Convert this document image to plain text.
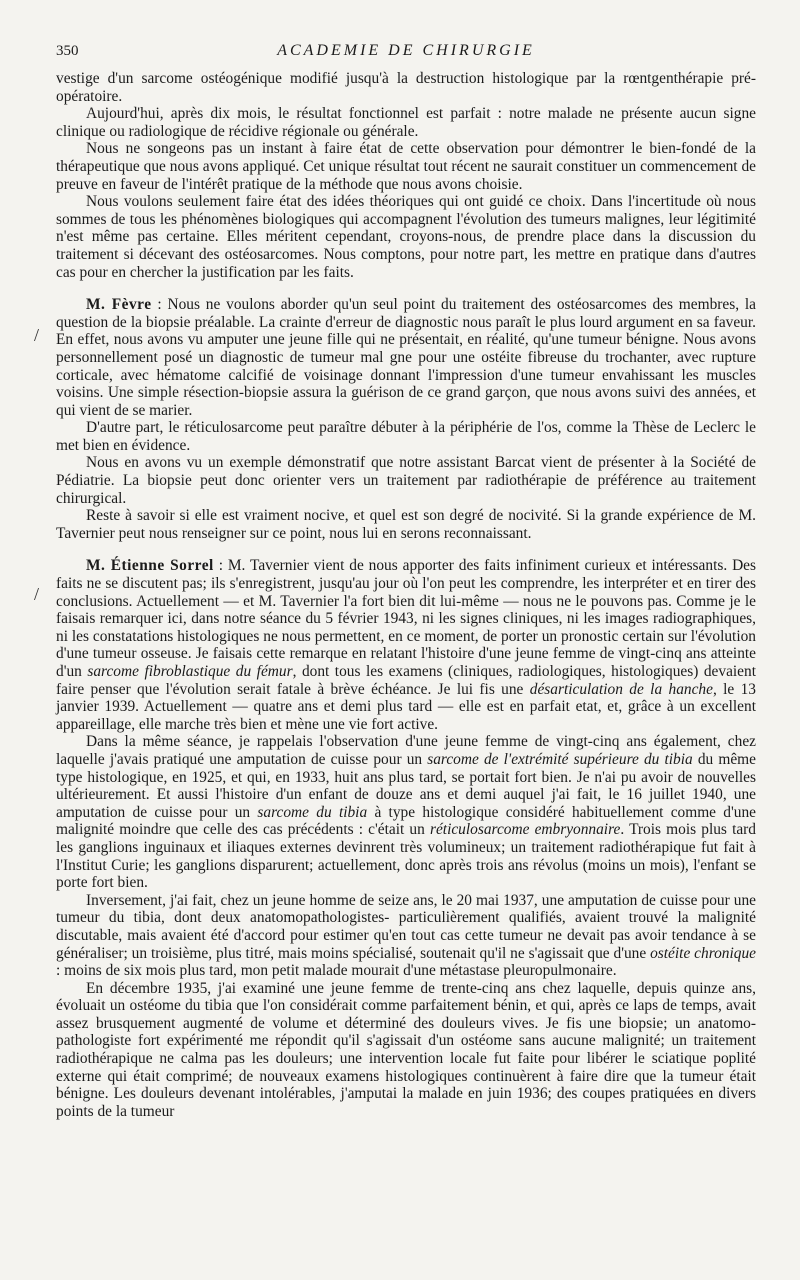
350	ACADEMIE DE CHIRURGIE
/
/

vestige d'un sarcome ostéogénique modifié jusqu'à la destruction histologique par la rœntgenthérapie pré-opératoire.

Aujourd'hui, après dix mois, le résultat fonctionnel est parfait : notre malade ne présente aucun signe clinique ou radiologique de récidive régionale ou générale.

Nous ne songeons pas un instant à faire état de cette observation pour démontrer le bien-fondé de la thérapeutique que nous avons appliqué. Cet unique résultat tout récent ne saurait constituer un commencement de preuve en faveur de l'intérêt pratique de la méthode que nous avons choisie.

Nous voulons seulement faire état des idées théoriques qui ont guidé ce choix. Dans l'incertitude où nous sommes de tous les phénomènes biologiques qui accompagnent l'évolution des tumeurs malignes, leur légitimité n'est même pas certaine. Elles méritent cependant, croyons-nous, de prendre place dans la discussion du traitement si décevant des ostéosarcomes. Nous comptons, pour notre part, les mettre en pratique dans d'autres cas pour en chercher la justification par les faits.

M. Fèvre : Nous ne voulons aborder qu'un seul point du traitement des ostéosarcomes des membres, la question de la biopsie préalable. La crainte d'erreur de diagnostic nous paraît le plus lourd argument en sa faveur. En effet, nous avons vu amputer une jeune fille qui ne présentait, en réalité, qu'une tumeur bénigne. Nous avons personnellement posé un diagnostic de tumeur mal gne pour une ostéite fibreuse du trochanter, avec rupture corticale, avec hématome calcifié de voisinage donnant l'impression d'une tumeur envahissant les muscles voisins. Une simple résection-biopsie assura la guérison de ce grand garçon, que nous avons suivi des années, et qui vient de se marier.

D'autre part, le réticulosarcome peut paraître débuter à la périphérie de l'os, comme la Thèse de Leclerc le met bien en évidence.

Nous en avons vu un exemple démonstratif que notre assistant Barcat vient de présenter à la Société de Pédiatrie. La biopsie peut donc orienter vers un traitement par radiothérapie de préférence au traitement chirurgical.

Reste à savoir si elle est vraiment nocive, et quel est son degré de nocivité. Si la grande expérience de M. Tavernier peut nous renseigner sur ce point, nous lui en serons reconnaissant.

M. Étienne Sorrel : M. Tavernier vient de nous apporter des faits infiniment curieux et intéressants. Des faits ne se discutent pas; ils s'enregistrent, jusqu'au jour où l'on peut les comprendre, les interpréter et en tirer des conclusions. Actuellement — et M. Tavernier l'a fort bien dit lui-même — nous ne le pouvons pas. Comme je le faisais remarquer ici, dans notre séance du 5 février 1943, ni les signes cliniques, ni les images radiographiques, ni les constatations histologiques ne nous permettent, en ce moment, de porter un pronostic certain sur l'évolution d'une tumeur osseuse. Je faisais cette remarque en relatant l'histoire d'une jeune femme de vingt-cinq ans atteinte d'un sarcome fibroblastique du fémur, dont tous les examens (cliniques, radiologiques, histologiques) devaient faire penser que l'évolution serait fatale à brève échéance. Je lui fis une désarticulation de la hanche, le 13 janvier 1939. Actuellement — quatre ans et demi plus tard — elle est en parfait etat, et, grâce à un excellent appareillage, elle marche très bien et mène une vie fort active.

Dans la même séance, je rappelais l'observation d'une jeune femme de vingt-cinq ans également, chez laquelle j'avais pratiqué une amputation de cuisse pour un sarcome de l'extrémité supérieure du tibia du même type histologique, en 1925, et qui, en 1933, huit ans plus tard, se portait fort bien. Je n'ai pu avoir de nouvelles ultérieurement. Et aussi l'histoire d'un enfant de douze ans et demi auquel j'ai fait, le 16 juillet 1940, une amputation de cuisse pour un sarcome du tibia à type histologique considéré habituellement comme d'une malignité moindre que celle des cas précédents : c'était un réticulosarcome embryonnaire. Trois mois plus tard les ganglions inguinaux et iliaques externes devinrent très volumineux; un traitement radiothérapique fut fait à l'Institut Curie; les ganglions disparurent; actuellement, donc après trois ans révolus (moins un mois), l'enfant se porte fort bien.

Inversement, j'ai fait, chez un jeune homme de seize ans, le 20 mai 1937, une amputation de cuisse pour une tumeur du tibia, dont deux anatomopathologistes- particulièrement qualifiés, avaient trouvé la malignité discutable, mais avaient été d'accord pour estimer qu'en tout cas cette tumeur ne devait pas avoir tendance à se généraliser; un troisième, plus titré, mais moins spécialisé, soutenait qu'il ne s'agissait que d'une ostéite chronique : moins de six mois plus tard, mon petit malade mourait d'une métastase pleuropulmonaire.

En décembre 1935, j'ai examiné une jeune femme de trente-cinq ans chez laquelle, depuis quinze ans, évoluait un ostéome du tibia que l'on considérait comme parfaitement bénin, et qui, après ce laps de temps, avait assez brusquement augmenté de volume et déterminé des douleurs vives. Je fis une biopsie; un anatomo-pathologiste fort expérimenté me répondit qu'il s'agissait d'un ostéome sans aucune malignité; un traitement radiothérapique ne calma pas les douleurs; une intervention locale fut faite pour libérer le sciatique poplité externe qui était comprimé; de nouveaux examens histologiques continuèrent à faire dire que la tumeur était bénigne. Les douleurs devenant intolérables, j'amputai la malade en juin 1936; des coupes pratiquées en divers points de la tumeur
